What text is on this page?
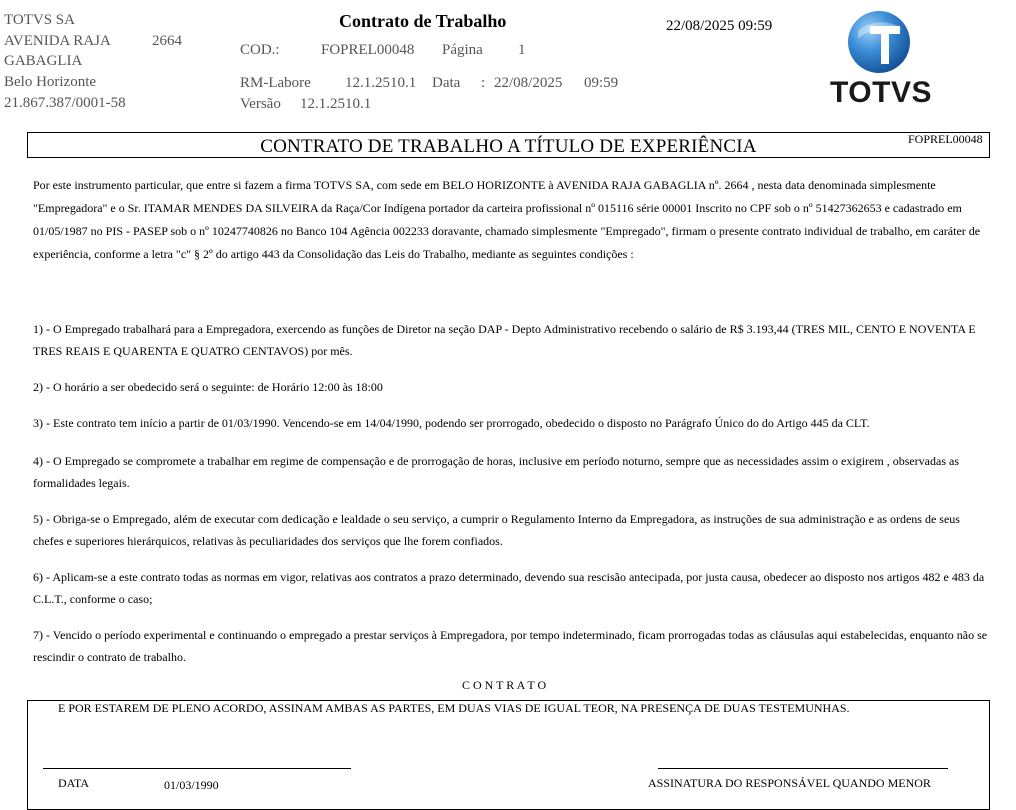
TOTVS SA
AVENIDA RAJA	2664
GABAGLIA
Belo Horizonte
21.867.387/0001-58
Contrato de Trabalho
COD.:	FOPREL00048 Página 1
RM-Labore 12.1.2510.1 Data : 22/08/2025 09:59
Versão 12.1.2510.1
22/08/2025 09:59
TOTVS
CONTRATO DE TRABALHO A TÍTULO DE EXPERIÊNCIA	FOPREL00048
Por este instrumento particular, que entre si fazem a firma TOTVS SA, com sede em BELO HORIZONTE à AVENIDA RAJA GABAGLIA nº. 2664 , nesta data denominada simplesmente "Empregadora" e o Sr. ITAMAR MENDES DA SILVEIRA da Raça/Cor Indígena portador da carteira profissional nº 015116 série 00001 Inscrito no CPF sob o nº 51427362653 e cadastrado em 01/05/1987 no PIS - PASEP sob o nº 10247740826 no Banco 104 Agência 002233 doravante, chamado simplesmente "Empregado", firmam o presente contrato individual de trabalho, em caráter de experiência, conforme a letra "c" § 2º do artigo 443 da Consolidação das Leis do Trabalho, mediante as seguintes condições :
1) - O Empregado trabalhará para a Empregadora, exercendo as funções de Diretor na seção DAP - Depto Administrativo recebendo o salário de R$ 3.193,44 (TRES MIL, CENTO E NOVENTA E TRES REAIS E QUARENTA E QUATRO CENTAVOS) por mês.
2) - O horário a ser obedecido será o seguinte: de Horário 12:00 às 18:00
3) - Este contrato tem início a partir de 01/03/1990. Vencendo-se em 14/04/1990, podendo ser prorrogado, obedecido o disposto no Parágrafo Único do do Artigo 445 da CLT.
4) - O Empregado se compromete a trabalhar em regime de compensação e de prorrogação de horas, inclusive em período noturno, sempre que as necessidades assim o exigirem , observadas as formalidades legais.
5) - Obriga-se o Empregado, além de executar com dedicação e lealdade o seu serviço, a cumprir o Regulamento Interno da Empregadora, as instruções de sua administração e as ordens de seus chefes e superiores hierárquicos, relativas às peculiaridades dos serviços que lhe forem confiados.
6) - Aplicam-se a este contrato todas as normas em vigor, relativas aos contratos a prazo determinado, devendo sua rescisão antecipada, por justa causa, obedecer ao disposto nos artigos 482 e 483 da C.L.T., conforme o caso;
7) - Vencido o período experimental e continuando o empregado a prestar serviços à Empregadora, por tempo indeterminado, ficam prorrogadas todas as cláusulas aqui estabelecidas, enquanto não se rescindir o contrato de trabalho.
C O N T R A T O
E POR ESTAREM DE PLENO ACORDO, ASSINAM AMBAS AS PARTES, EM DUAS VIAS DE IGUAL TEOR, NA PRESENÇA DE DUAS TESTEMUNHAS.
DATA	01/03/1990	ASSINATURA DO RESPONSÁVEL QUANDO MENOR
